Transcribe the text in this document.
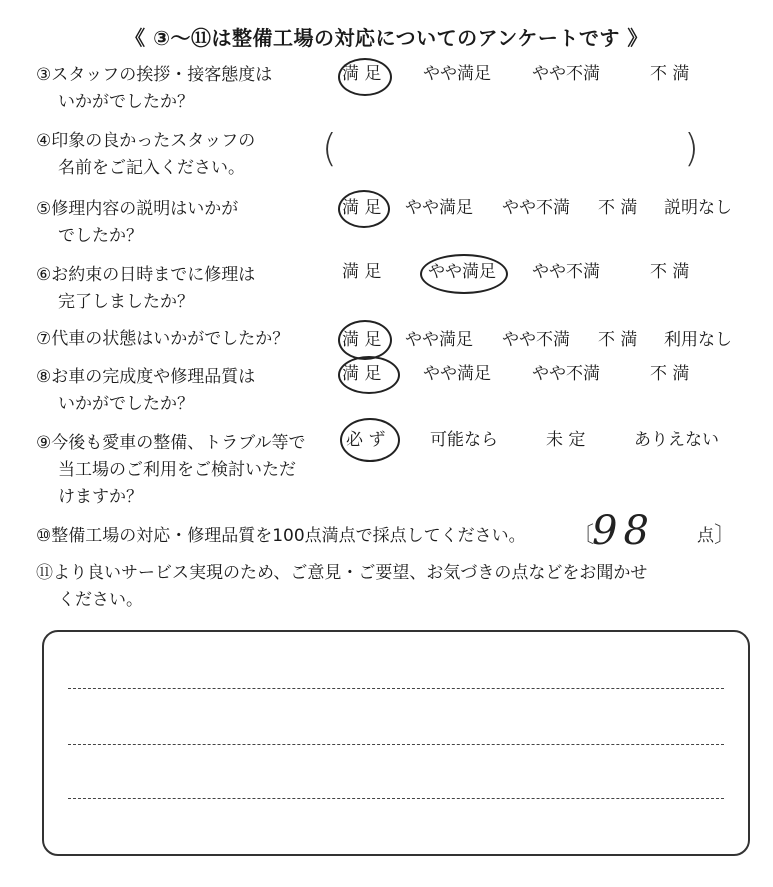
《 ③〜⑪は整備工場の対応についてのアンケートです 》
③スタッフの挨拶・接客態度は
いかがでしたか？
満 足 やや満足 やや不満	不 満
④印象の良かったスタッフの
名前をご記入ください。 (	)
⑤修理内容の説明はいかが
でしたか？
満 足 やや満足 やや不満 不 満 説明なし
⑥お約束の日時までに修理は
完了しましたか？
満 足	やや満足 やや不満	不 満
⑦代車の状態はいかがでしたか？	満 足 やや満足 やや不満 不 満 利用なし
⑧お車の完成度や修理品質は
いかがでしたか？
満 足 やや満足 やや不満	不 満
⑨今後も愛車の整備、トラブル等で
当工場のご利用をご検討いただ
けますか？
必 ず	可能なら	未 定	ありえない
⑩整備工場の対応・修理品質を100点満点で採点してください。 〔
98 点 〕
⑪より良いサービス実現のため、ご意見・ご要望、お気づきの点などをお聞かせ
ください。
